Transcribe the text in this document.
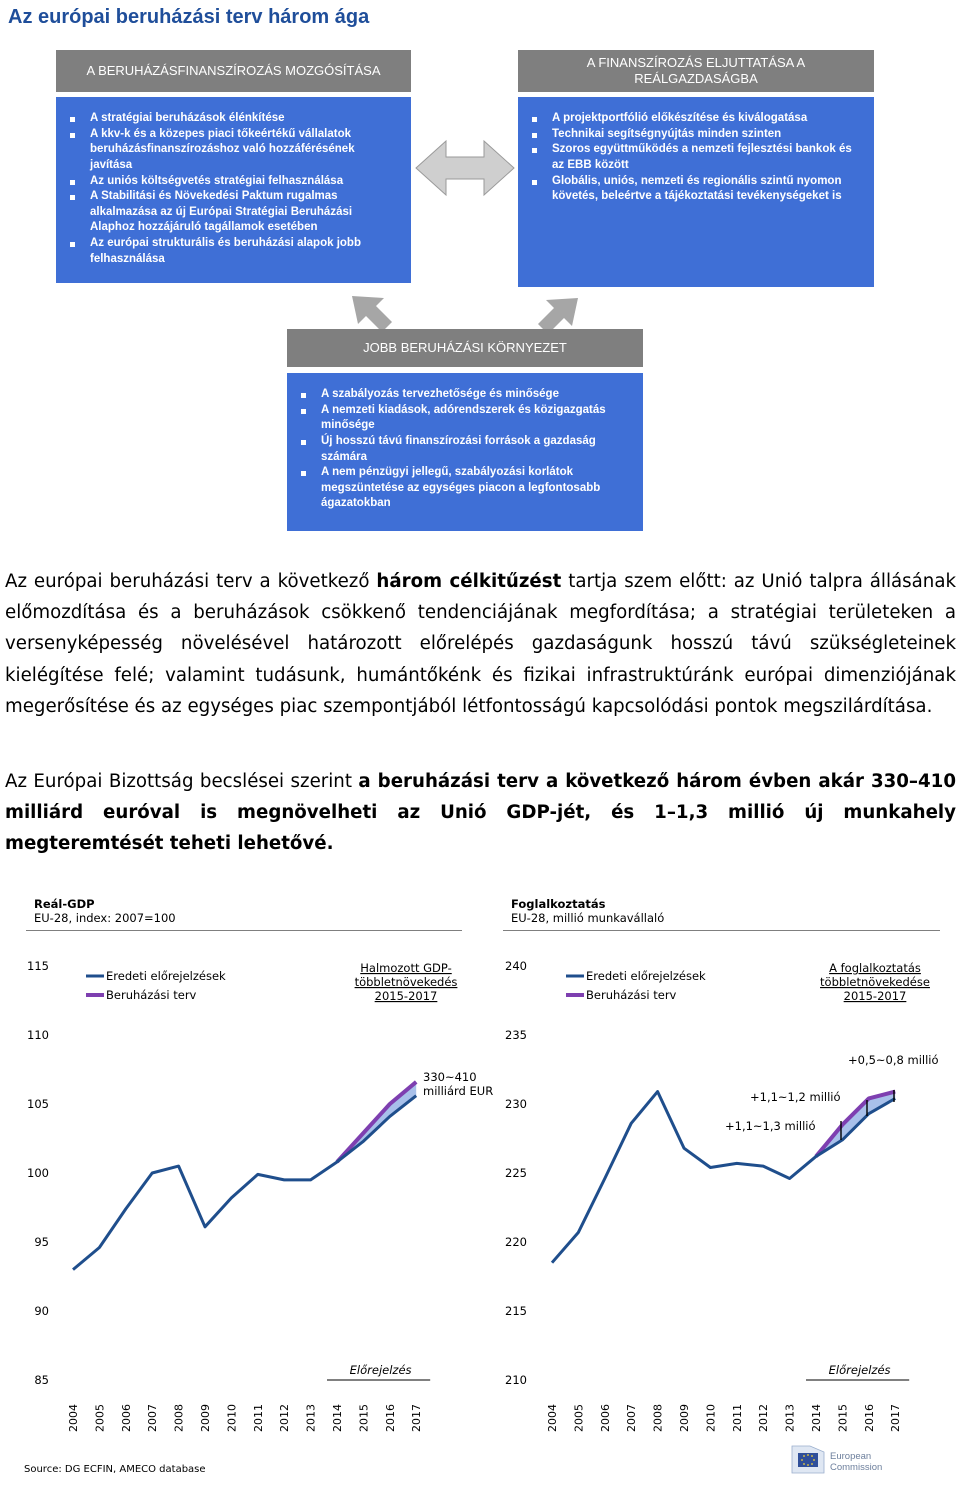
Az európai beruházási terv három ága
A BERUHÁZÁSFINANSZÍROZÁS MOZGÓSÍTÁSA
A stratégiai beruházások élénkítése
A kkv-k és a közepes piaci tőkeértékű vállalatok beruházásfinanszírozáshoz való hozzáférésének javítása
Az uniós költségvetés stratégiai felhasználása
A Stabilitási és Növekedési Paktum rugalmas alkalmazása az új Európai Stratégiai Beruházási Alaphoz hozzájáruló tagállamok esetében
Az európai strukturális és beruházási alapok jobb felhasználása
A FINANSZÍROZÁS ELJUTTATÁSA A REÁLGAZDASÁGBA
A projektportfólió előkészítése és kiválogatása
Technikai segítségnyújtás minden szinten
Szoros együttműködés a nemzeti fejlesztési bankok és az EBB között
Globális, uniós, nemzeti és regionális szintű nyomon követés, beleértve a tájékoztatási tevékenységeket is
JOBB BERUHÁZÁSI KÖRNYEZET
A szabályozás tervezhetősége és minősége
A nemzeti kiadások, adórendszerek és közigazgatás minősége
Új hosszú távú finanszírozási források a gazdaság számára
A nem pénzügyi jellegű, szabályozási korlátok megszüntetése az egységes piacon a legfontosabb ágazatokban
Az európai beruházási terv a következő három célkitűzést tartja szem előtt: az Unió talpra állásának előmozdítása és a beruházások csökkenő tendenciájának megfordítása; a stratégiai területeken a versenyképesség növelésével határozott előrelépés gazdaságunk hosszú távú szükségleteinek kielégítése felé; valamint tudásunk, humántőkénk és fizikai infrastruktúránk európai dimenziójának megerősítése és az egységes piac szempontjából létfontosságú kapcsolódási pontok megszilárdítása.
Az Európai Bizottság becslései szerint a beruházási terv a következő három évben akár 330–410 milliárd euróval is megnövelheti az Unió GDP-jét, és 1–1,3 millió új munkahely megteremtését teheti lehetővé.
Reál-GDP
EU-28, index: 2007=100
Foglalkoztatás
EU-28, millió munkavállaló
115
110
105
100
95
90
85
2004 2005 2006 2007 2008 2009 2010 2011 2012 2013 2014 2015 2016 2017
Eredeti előrejelzések
Beruházási terv
Előrejelzés
240
235
230
225
220
215
210
2004 2005 2006 2007 2008 2009 2010 2011 2012 2013 2014 2015 2016 2017
Eredeti előrejelzések
Beruházási terv
Előrejelzés
Halmozott GDP-
többletnövekedés
2015-2017
330~410
milliárd EUR
A foglalkoztatás
többletnövekedése
2015-2017
+0,5~0,8 millió
+1,1~1,2 millió
+1,1~1,3 millió
Source: DG ECFIN, AMECO database
European
Commission
